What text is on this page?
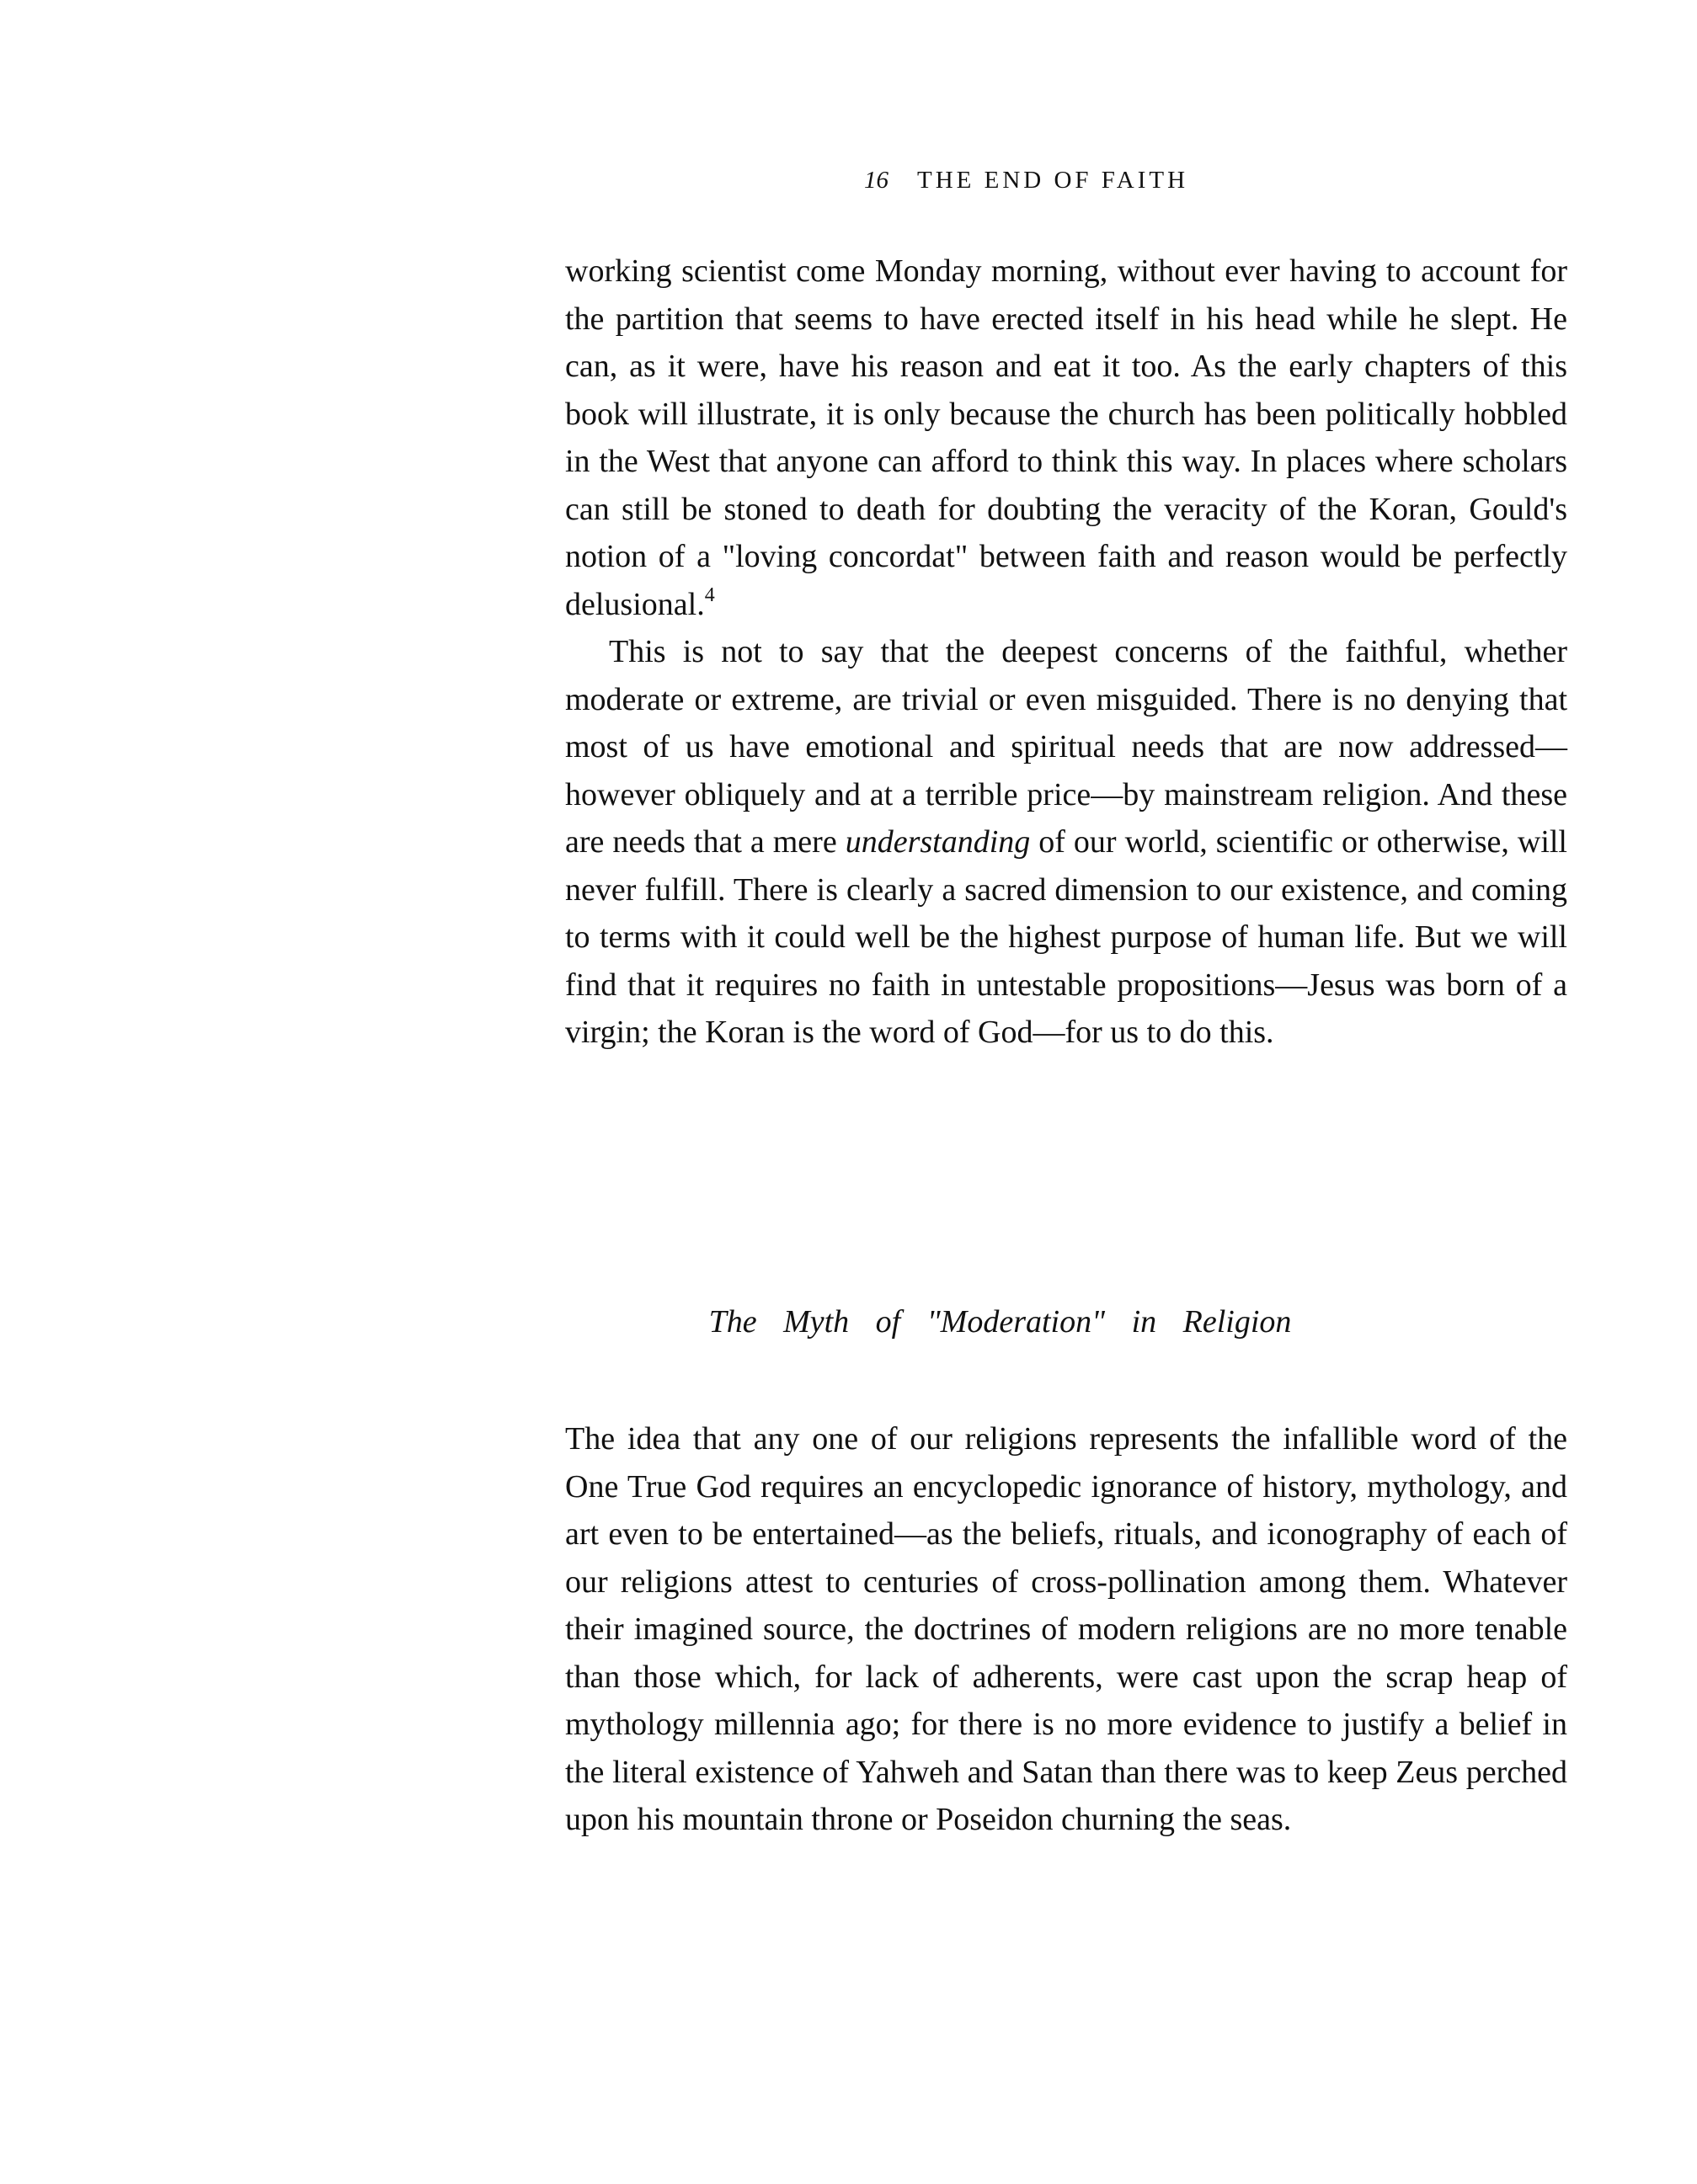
16 THE END OF FAITH

working scientist come Monday morning, without ever having to account for the partition that seems to have erected itself in his head while he slept. He can, as it were, have his reason and eat it too. As the early chapters of this book will illustrate, it is only because the church has been politically hobbled in the West that anyone can afford to think this way. In places where scholars can still be stoned to death for doubting the veracity of the Koran, Gould's notion of a "loving concordat" between faith and reason would be perfectly delusional.$^4$

This is not to say that the deepest concerns of the faithful, whether moderate or extreme, are trivial or even misguided. There is no denying that most of us have emotional and spiritual needs that are now addressed—however obliquely and at a terrible price—by mainstream religion. And these are needs that a mere understanding of our world, scientific or otherwise, will never fulfill. There is clearly a sacred dimension to our existence, and coming to terms with it could well be the highest purpose of human life. But we will find that it requires no faith in untestable propositions—Jesus was born of a virgin; the Koran is the word of God—for us to do this.

The Myth of "Moderation" in Religion

The idea that any one of our religions represents the infallible word of the One True God requires an encyclopedic ignorance of history, mythology, and art even to be entertained—as the beliefs, rituals, and iconography of each of our religions attest to centuries of cross-pollination among them. Whatever their imagined source, the doctrines of modern religions are no more tenable than those which, for lack of adherents, were cast upon the scrap heap of mythology millennia ago; for there is no more evidence to justify a belief in the literal existence of Yahweh and Satan than there was to keep Zeus perched upon his mountain throne or Poseidon churning the seas.
